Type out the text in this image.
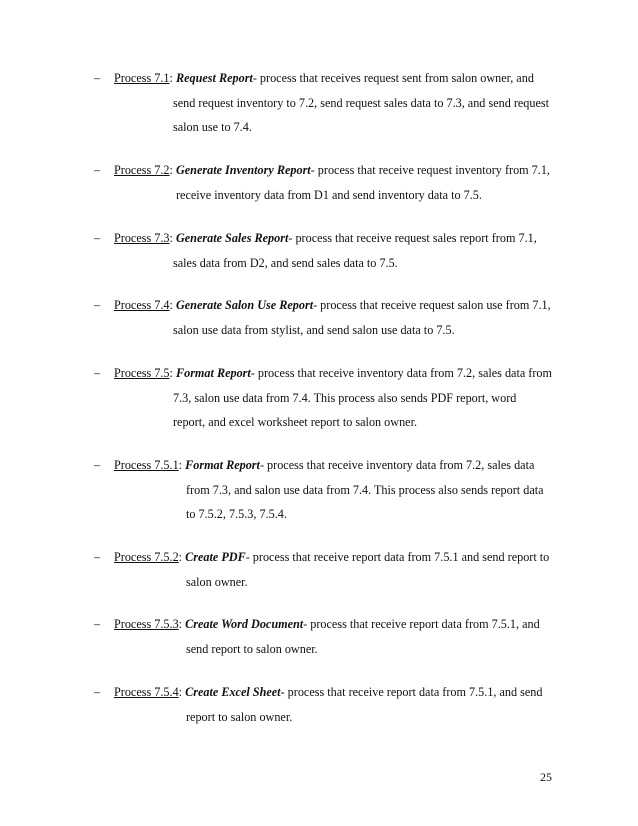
– Process 7.1: Request Report- process that receives request sent from salon owner, and
send request inventory to 7.2, send request sales data to 7.3, and send request
salon use to 7.4.
– Process 7.2: Generate Inventory Report- process that receive request inventory from 7.1,
receive inventory data from D1 and send inventory data to 7.5.
– Process 7.3: Generate Sales Report- process that receive request sales report from 7.1,
sales data from D2, and send sales data to 7.5.
– Process 7.4: Generate Salon Use Report- process that receive request salon use from 7.1,
salon use data from stylist, and send salon use data to 7.5.
– Process 7.5: Format Report- process that receive inventory data from 7.2, sales data from
7.3, salon use data from 7.4. This process also sends PDF report, word
report, and excel worksheet report to salon owner.
– Process 7.5.1: Format Report- process that receive inventory data from 7.2, sales data
from 7.3, and salon use data from 7.4. This process also sends report data
to 7.5.2, 7.5.3, 7.5.4.
– Process 7.5.2: Create PDF- process that receive report data from 7.5.1 and send report to
salon owner.
– Process 7.5.3: Create Word Document- process that receive report data from 7.5.1, and
send report to salon owner.
– Process 7.5.4: Create Excel Sheet- process that receive report data from 7.5.1, and send
report to salon owner.
25
